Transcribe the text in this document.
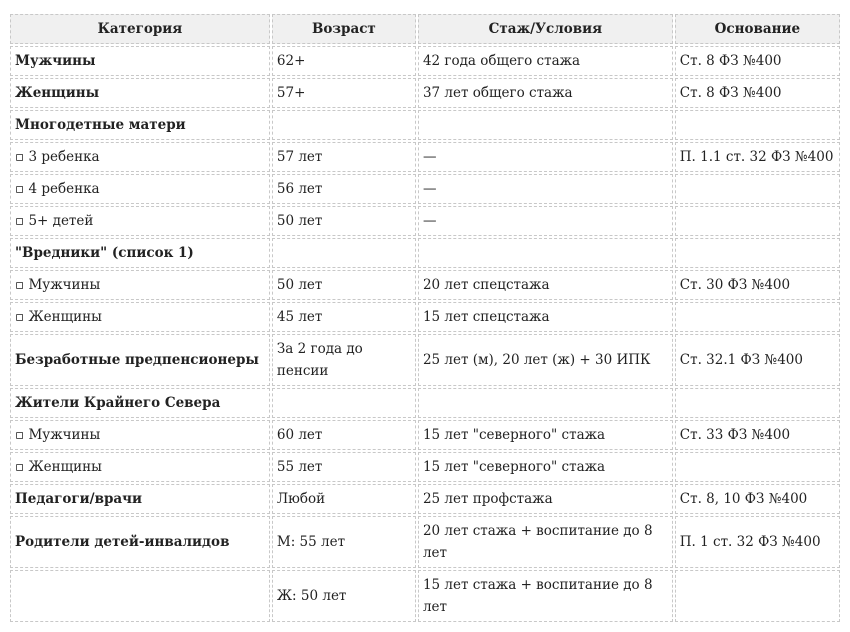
Категория	Возраст	Стаж/Условия	Основание
Мужчины	62+	42 года общего стажа	Ст. 8 ФЗ №400
Женщины	57+	37 лет общего стажа	Ст. 8 ФЗ №400
Многодетные матери			
▫ 3 ребенка	57 лет	—	П. 1.1 ст. 32 ФЗ №400
▫ 4 ребенка	56 лет	—	
▫ 5+ детей	50 лет	—	
"Вредники" (список 1)			
▫ Мужчины	50 лет	20 лет спецстажа	Ст. 30 ФЗ №400
▫ Женщины	45 лет	15 лет спецстажа	
Безработные предпенсионеры	За 2 года до пенсии	25 лет (м), 20 лет (ж) + 30 ИПК	Ст. 32.1 ФЗ №400
Жители Крайнего Севера			
▫ Мужчины	60 лет	15 лет "северного" стажа	Ст. 33 ФЗ №400
▫ Женщины	55 лет	15 лет "северного" стажа	
Педагоги/врачи	Любой	25 лет профстажа	Ст. 8, 10 ФЗ №400
Родители детей-инвалидов	М: 55 лет	20 лет стажа + воспитание до 8 лет	П. 1 ст. 32 ФЗ №400
	Ж: 50 лет	15 лет стажа + воспитание до 8 лет	
